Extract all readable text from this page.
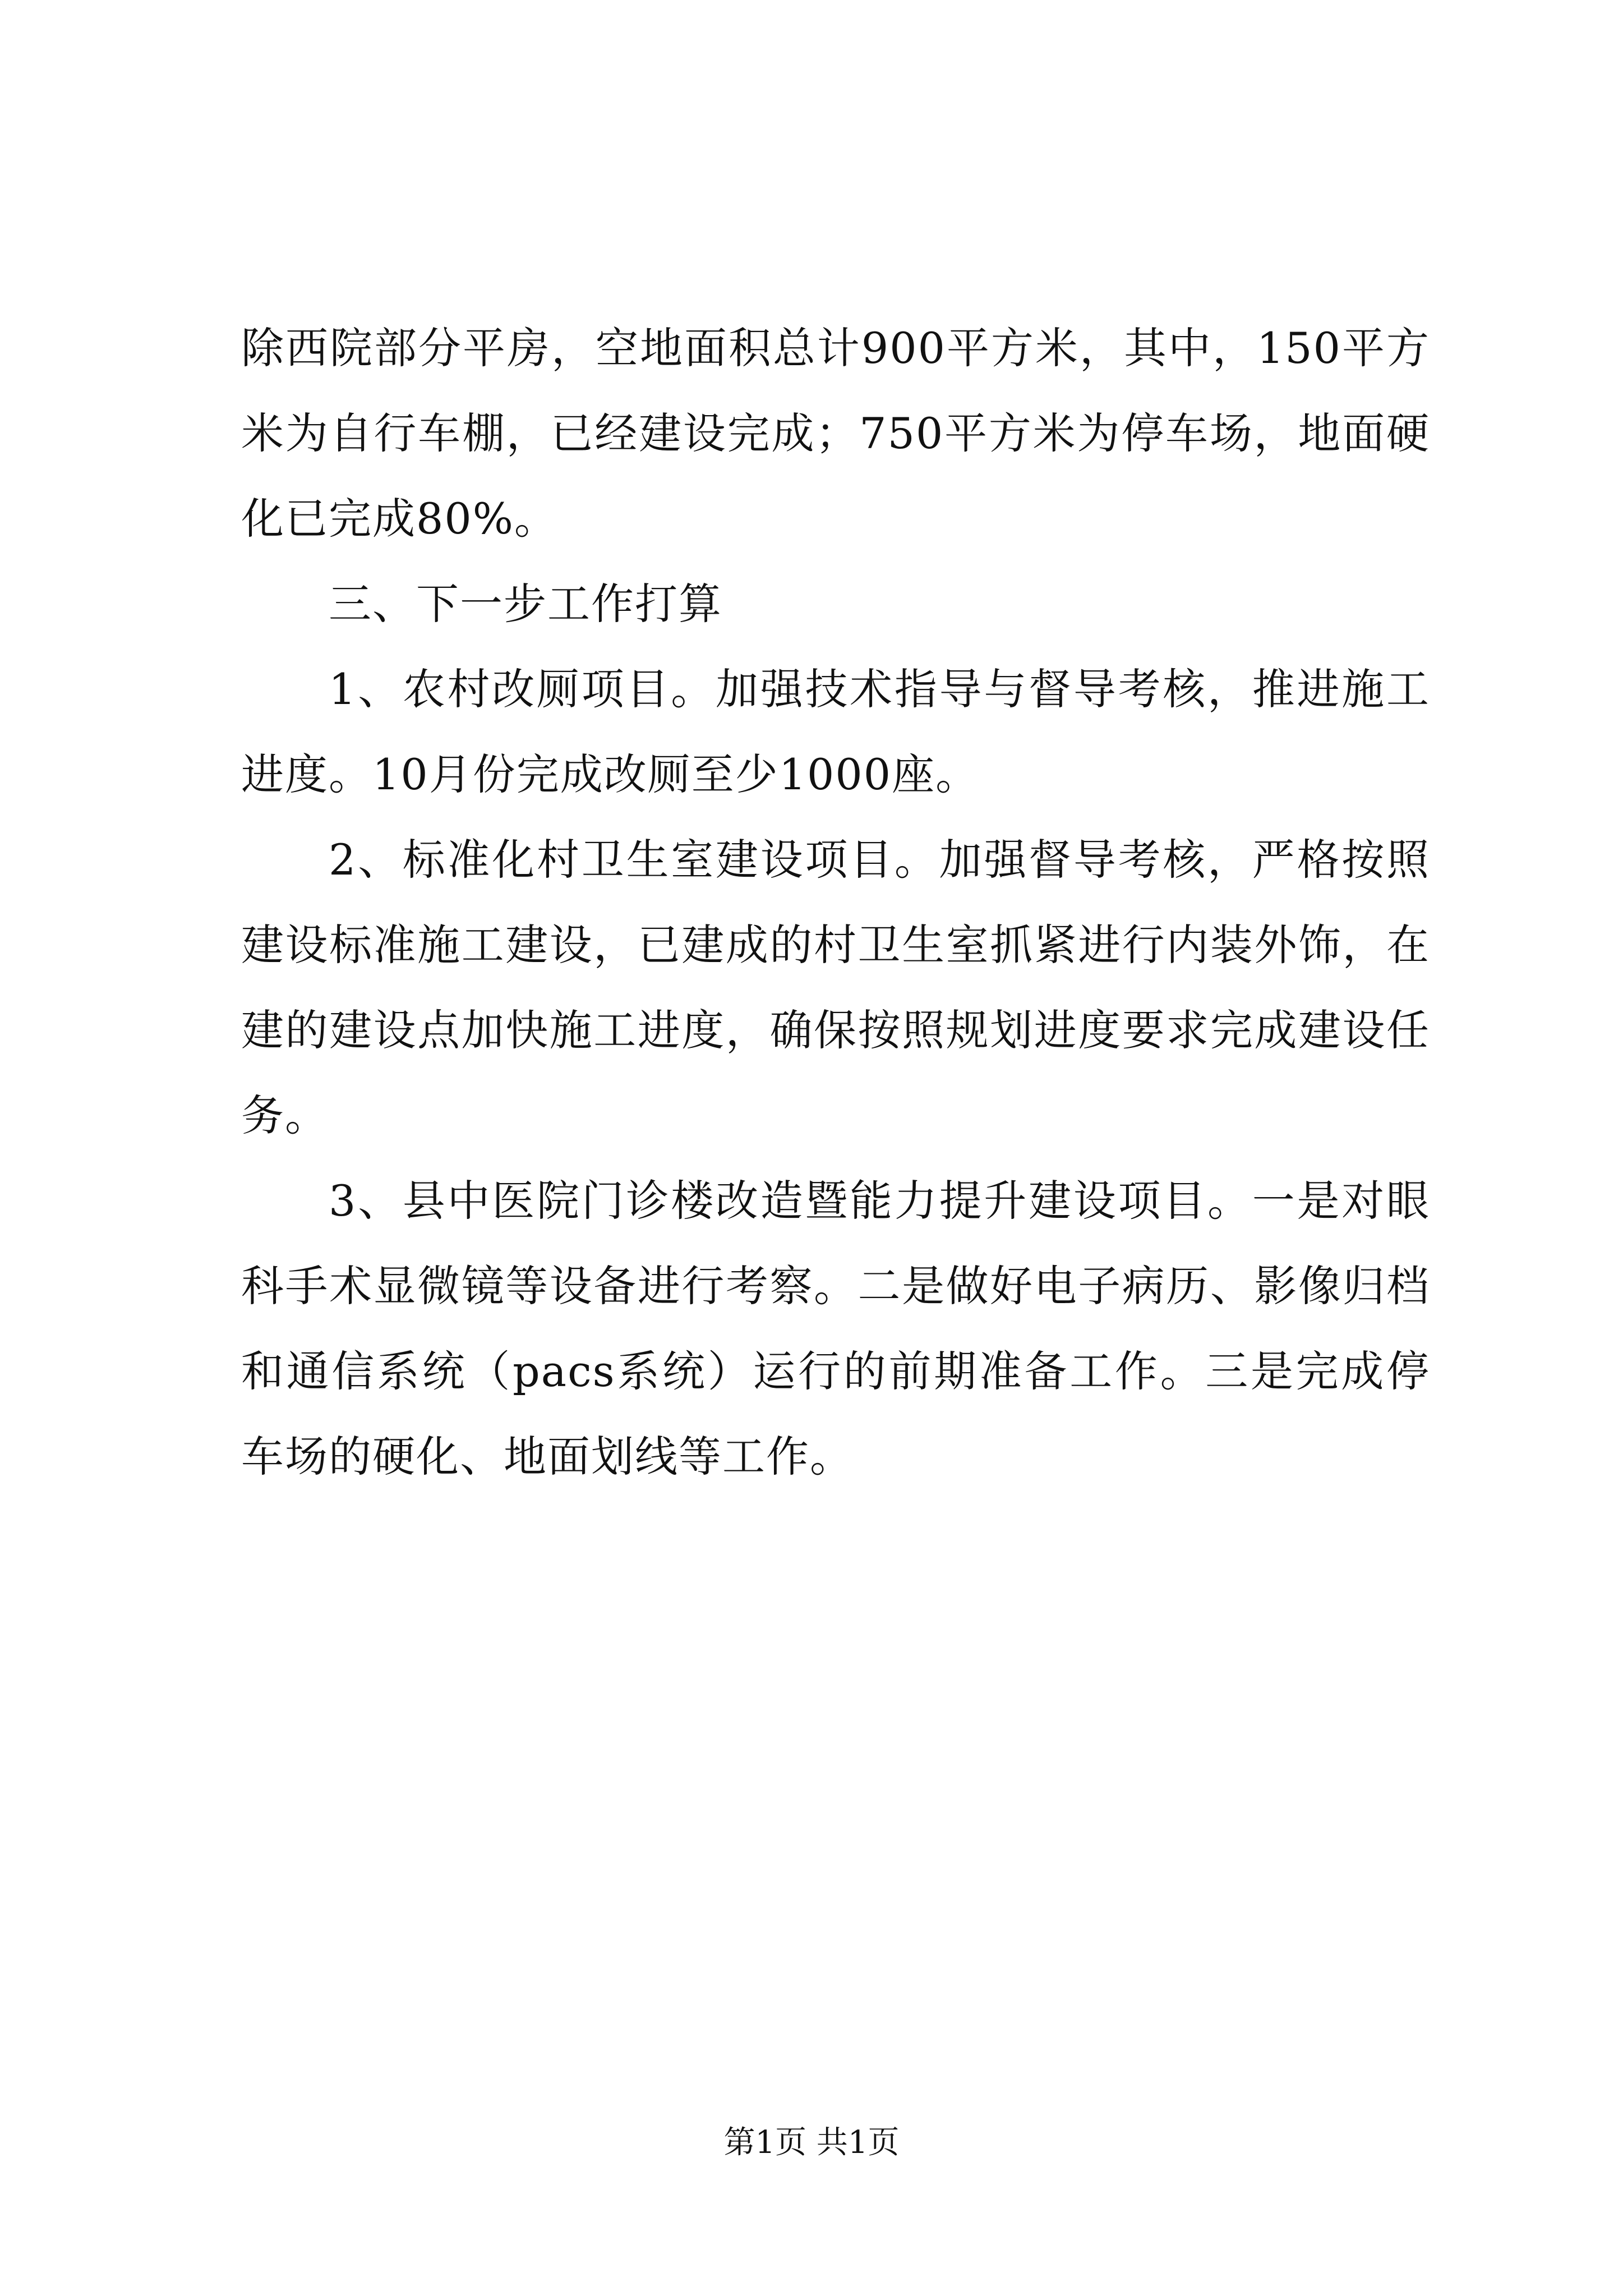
除西院部分平房，空地面积总计900平方米，其中，150平方米为自行车棚，已经建设完成；750平方米为停车场，地面硬化已完成80%。

三、下一步工作打算

1、农村改厕项目。加强技术指导与督导考核，推进施工进度。10月份完成改厕至少1000座。

2、标准化村卫生室建设项目。加强督导考核，严格按照建设标准施工建设，已建成的村卫生室抓紧进行内装外饰，在建的建设点加快施工进度，确保按照规划进度要求完成建设任务。

3、县中医院门诊楼改造暨能力提升建设项目。一是对眼科手术显微镜等设备进行考察。二是做好电子病历、影像归档和通信系统（pacs系统）运行的前期准备工作。三是完成停车场的硬化、地面划线等工作。

第1页 共1页
